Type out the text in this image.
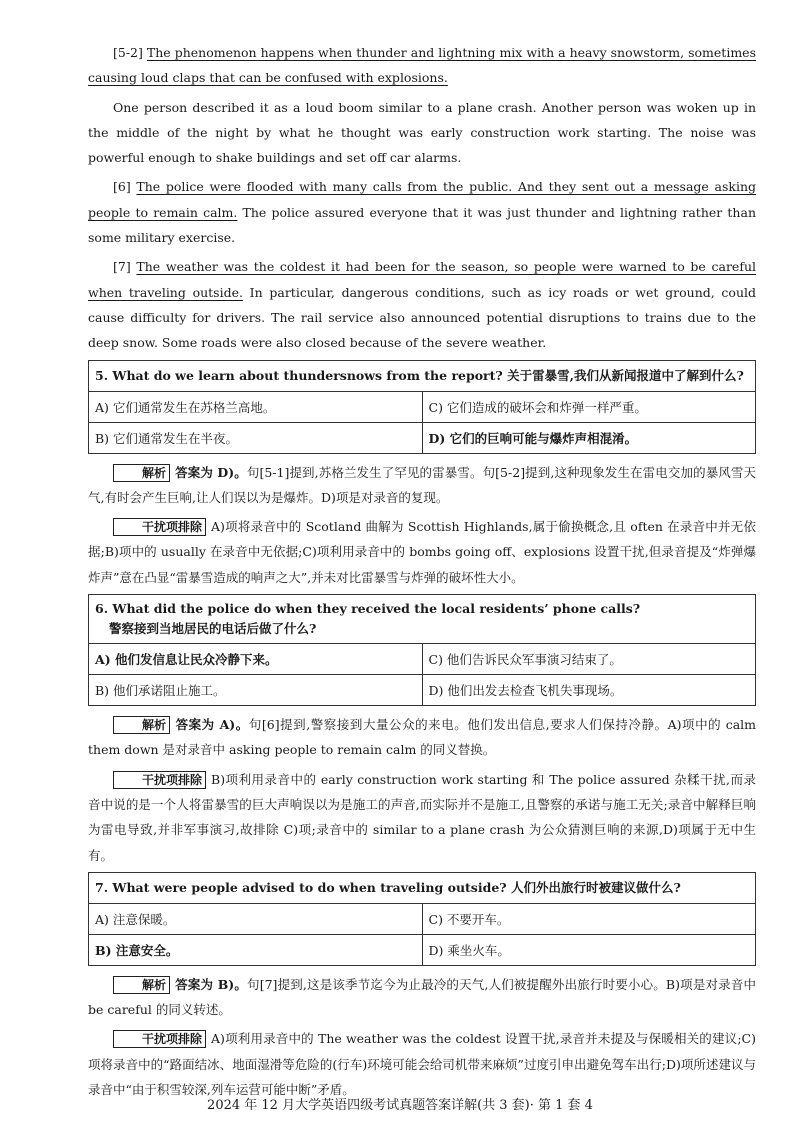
[5-2] The phenomenon happens when thunder and lightning mix with a heavy snowstorm, sometimes causing loud claps that can be confused with explosions.

One person described it as a loud boom similar to a plane crash. Another person was woken up in the middle of the night by what he thought was early construction work starting. The noise was powerful enough to shake buildings and set off car alarms.

[6] The police were flooded with many calls from the public. And they sent out a message asking people to remain calm. The police assured everyone that it was just thunder and lightning rather than some military exercise.

[7] The weather was the coldest it had been for the season, so people were warned to be careful when traveling outside. In particular, dangerous conditions, such as icy roads or wet ground, could cause difficulty for drivers. The rail service also announced potential disruptions to trains due to the deep snow. Some roads were also closed because of the severe weather.

5. What do we learn about thundersnows from the report? 关于雷暴雪,我们从新闻报道中了解到什么?	
A) 它们通常发生在苏格兰高地。	C) 它们造成的破坏会和炸弹一样严重。
B) 它们通常发生在半夜。	D) 它们的巨响可能与爆炸声相混淆。

解析 答案为 D)。句[5-1]提到,苏格兰发生了罕见的雷暴雪。句[5-2]提到,这种现象发生在雷电交加的暴风雪天气,有时会产生巨响,让人们误以为是爆炸。D)项是对录音的复现。

干扰项排除 A)项将录音中的 Scotland 曲解为 Scottish Highlands,属于偷换概念,且 often 在录音中并无依据;B)项中的 usually 在录音中无依据;C)项利用录音中的 bombs going off、explosions 设置干扰,但录音提及“炸弹爆炸声”意在凸显“雷暴雪造成的响声之大”,并未对比雷暴雪与炸弹的破坏性大小。

6. What did the police do when they received the local residents’ phone calls?
警察接到当地居民的电话后做了什么?	

A) 他们发信息让民众冷静下来。	C) 他们告诉民众军事演习结束了。
B) 他们承诺阻止施工。	D) 他们出发去检查飞机失事现场。

解析 答案为 A)。句[6]提到,警察接到大量公众的来电。他们发出信息,要求人们保持冷静。A)项中的 calm them down 是对录音中 asking people to remain calm 的同义替换。

干扰项排除 B)项利用录音中的 early construction work starting 和 The police assured 杂糅干扰,而录音中说的是一个人将雷暴雪的巨大声响误以为是施工的声音,而实际并不是施工,且警察的承诺与施工无关;录音中解释巨响为雷电导致,并非军事演习,故排除 C)项;录音中的 similar to a plane crash 为公众猜测巨响的来源,D)项属于无中生有。

7. What were people advised to do when traveling outside? 人们外出旅行时被建议做什么?	
A) 注意保暖。	C) 不要开车。
B) 注意安全。	D) 乘坐火车。

解析 答案为 B)。句[7]提到,这是该季节迄今为止最冷的天气,人们被提醒外出旅行时要小心。B)项是对录音中 be careful 的同义转述。

干扰项排除 A)项利用录音中的 The weather was the coldest 设置干扰,录音并未提及与保暖相关的建议;C)项将录音中的“路面结冰、地面湿滑等危险的(行车)环境可能会给司机带来麻烦”过度引申出避免驾车出行;D)项所述建议与录音中“由于积雪较深,列车运营可能中断”矛盾。

2024 年 12 月大学英语四级考试真题答案详解(共 3 套)· 第 1 套 4
